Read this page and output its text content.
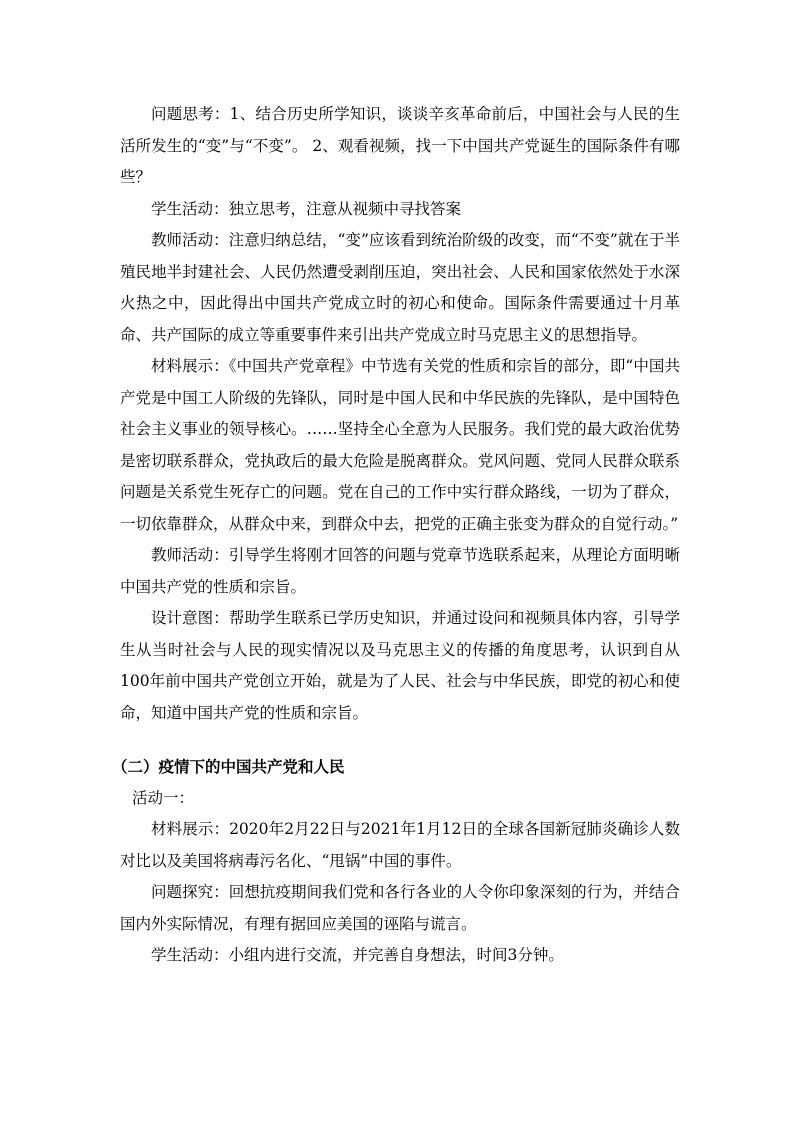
问题思考：1、结合历史所学知识，谈谈辛亥革命前后，中国社会与人民的生活所发生的“变”与“不变”。 2、观看视频，找一下中国共产党诞生的国际条件有哪些？

学生活动：独立思考，注意从视频中寻找答案

教师活动：注意归纳总结，“变”应该看到统治阶级的改变，而“不变”就在于半殖民地半封建社会、人民仍然遭受剥削压迫，突出社会、人民和国家依然处于水深火热之中，因此得出中国共产党成立时的初心和使命。国际条件需要通过十月革命、共产国际的成立等重要事件来引出共产党成立时马克思主义的思想指导。

材料展示：《中国共产党章程》中节选有关党的性质和宗旨的部分，即“中国共产党是中国工人阶级的先锋队，同时是中国人民和中华民族的先锋队，是中国特色社会主义事业的领导核心。……坚持全心全意为人民服务。我们党的最大政治优势是密切联系群众，党执政后的最大危险是脱离群众。党风问题、党同人民群众联系问题是关系党生死存亡的问题。党在自己的工作中实行群众路线，一切为了群众，一切依靠群众，从群众中来，到群众中去，把党的正确主张变为群众的自觉行动。”

教师活动：引导学生将刚才回答的问题与党章节选联系起来，从理论方面明晰中国共产党的性质和宗旨。

设计意图：帮助学生联系已学历史知识，并通过设问和视频具体内容，引导学生从当时社会与人民的现实情况以及马克思主义的传播的角度思考，认识到自从100年前中国共产党创立开始，就是为了人民、社会与中华民族，即党的初心和使命，知道中国共产党的性质和宗旨。

（二）疫情下的中国共产党和人民

活动一：

材料展示：2020年2月22日与2021年1月12日的全球各国新冠肺炎确诊人数对比以及美国将病毒污名化、“甩锅”中国的事件。

问题探究：回想抗疫期间我们党和各行各业的人令你印象深刻的行为，并结合国内外实际情况，有理有据回应美国的诬陷与谎言。

学生活动：小组内进行交流，并完善自身想法，时间3分钟。
